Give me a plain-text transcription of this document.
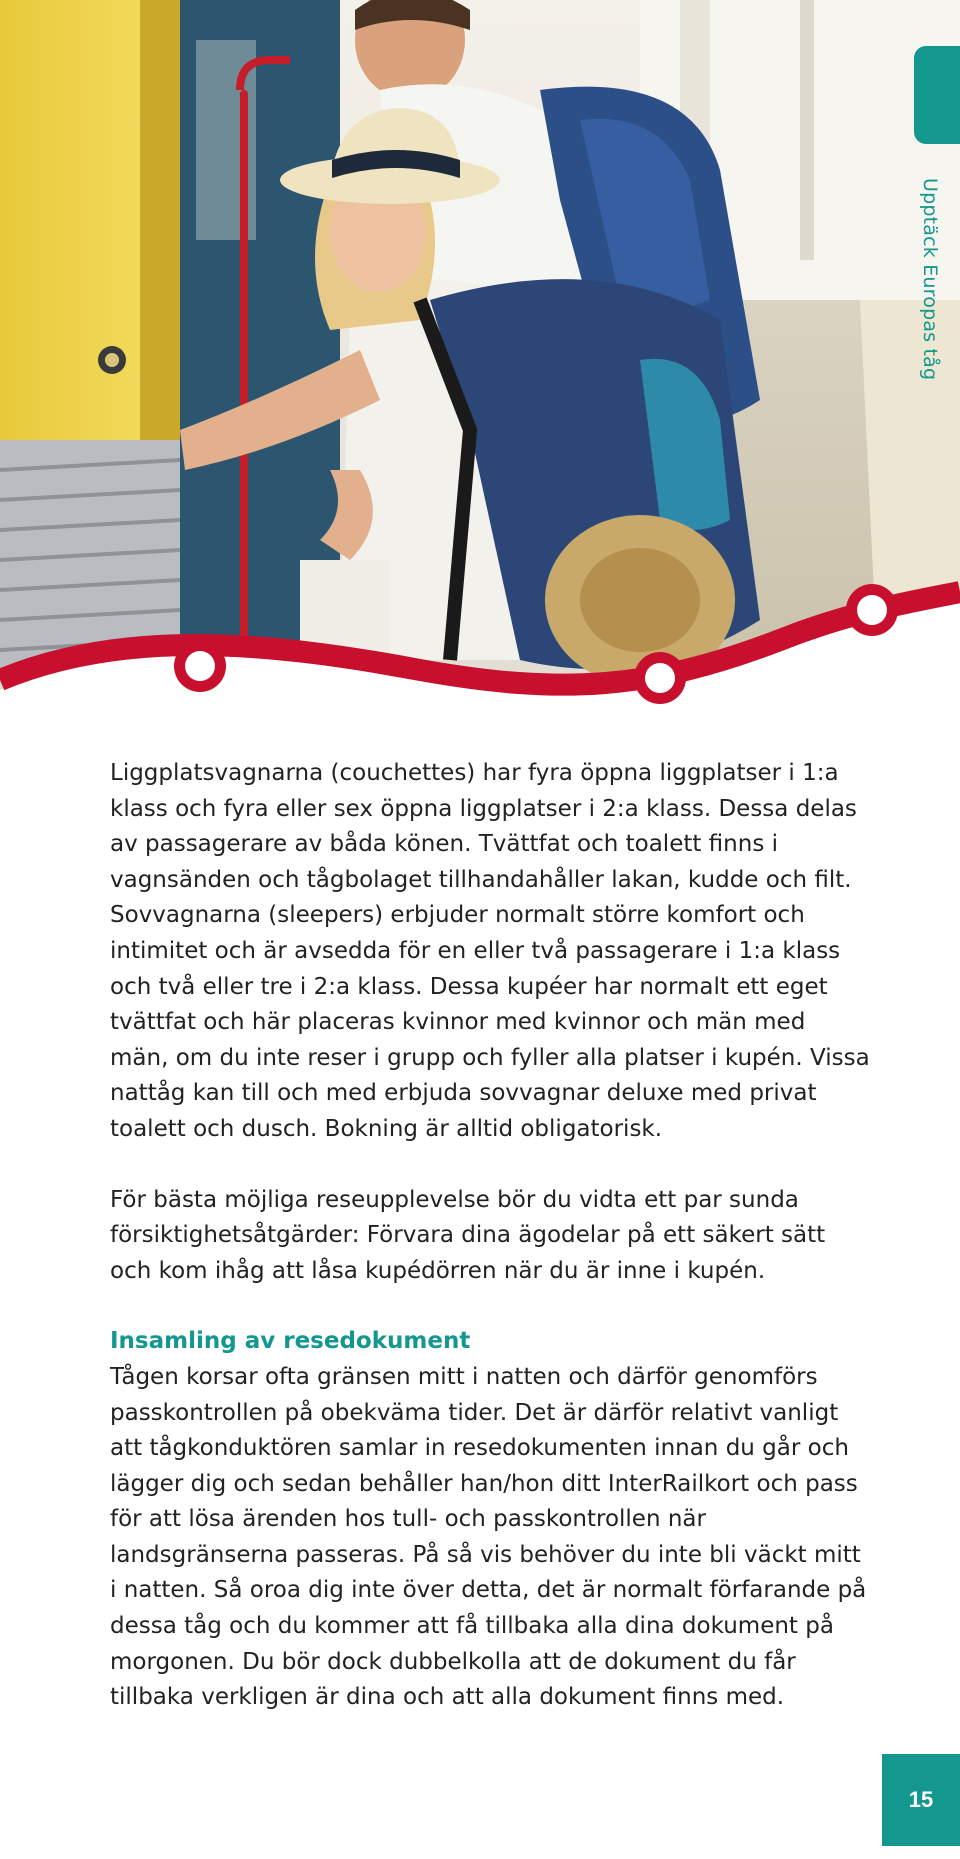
Upptäck Europas tåg

Liggplatsvagnarna (couchettes) har fyra öppna liggplatser i 1:a klass och fyra eller sex öppna liggplatser i 2:a klass. Dessa delas av passagerare av båda könen. Tvättfat och toalett finns i vagnsänden och tågbolaget tillhandahåller lakan, kudde och filt. Sovvagnarna (sleepers) erbjuder normalt större komfort och intimitet och är avsedda för en eller två passagerare i 1:a klass och två eller tre i 2:a klass. Dessa kupéer har normalt ett eget tvättfat och här placeras kvinnor med kvinnor och män med män, om du inte reser i grupp och fyller alla platser i kupén. Vissa nattåg kan till och med erbjuda sovvagnar deluxe med privat toalett och dusch. Bokning är alltid obligatorisk.

För bästa möjliga reseupplevelse bör du vidta ett par sunda försiktighetsåtgärder: Förvara dina ägodelar på ett säkert sätt och kom ihåg att låsa kupédörren när du är inne i kupén.

Insamling av resedokument

Tågen korsar ofta gränsen mitt i natten och därför genomförs passkontrollen på obekväma tider. Det är därför relativt vanligt att tågkonduktören samlar in resedokumenten innan du går och lägger dig och sedan behåller han/hon ditt InterRailkort och pass för att lösa ärenden hos tull- och passkontrollen när landsgränserna passeras. På så vis behöver du inte bli väckt mitt i natten. Så oroa dig inte över detta, det är normalt förfarande på dessa tåg och du kommer att få tillbaka alla dina dokument på morgonen. Du bör dock dubbelkolla att de dokument du får tillbaka verkligen är dina och att alla dokument finns med.

15
